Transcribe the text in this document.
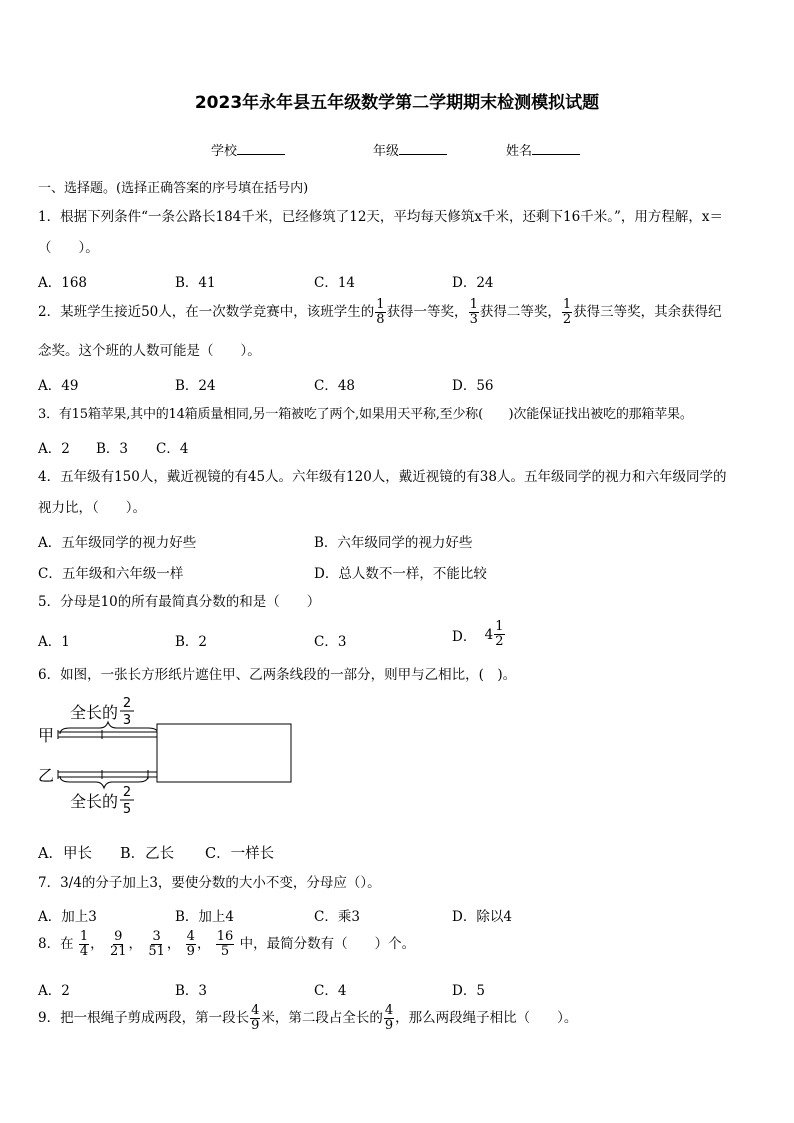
2023年永年县五年级数学第二学期期末检测模拟试题
学校	年级	姓名
一、选择题。(选择正确答案的序号填在括号内)
1．根据下列条件“一条公路长184千米，已经修筑了12天，平均每天修筑x千米，还剩下16千米。”，用方程解，x＝
（　　）。
A．168	B．41	C．14	D．24
2．某班学生接近50人，在一次数学竞赛中，该班学生的 $\frac{1}{8}$ 获得一等奖， $\frac{1}{3}$ 获得二等奖， $\frac{1}{2}$ 获得三等奖，其余获得纪
念奖。这个班的人数可能是（　　）。
A．49	B．24	C．48	D．56
3．有15箱苹果,其中的14箱质量相同,另一箱被吃了两个,如果用天平称,至少称(　　)次能保证找出被吃的那箱苹果。
A．2 B．3 C．4
4．五年级有150人，戴近视镜的有45人。六年级有120人，戴近视镜的有38人。五年级同学的视力和六年级同学的
视力比，（　　）。
A．五年级同学的视力好些	B．六年级同学的视力好些
C．五年级和六年级一样	D．总人数不一样，不能比较
5．分母是10的所有最简真分数的和是（　　）
A．1	B．2	C．3	D． $4 \frac{1}{2}$
6．如图，一张长方形纸片遮住甲、乙两条线段的一部分，则甲与乙相比，(　)。
全长的 2
3
甲
乙
全长的 2
5
A．甲长 B．乙长 C．一样长
7．3/4的分子加上3，要使分数的大小不变，分母应（）。
A．加上3	B．加上4	C．乘3	D．除以4
8．在 $\frac{1}{4}$ ， $\frac{9}{21}$ ， $\frac{3}{51}$ ， $\frac{4}{9}$ ， $\frac{16}{5}$ 中，最简分数有（　　）个。
A．2	B．3	C．4	D．5
9．把一根绳子剪成两段，第一段长 $\frac{4}{9}$ 米，第二段占全长的 $\frac{4}{9}$ ，那么两段绳子相比（　　）。
